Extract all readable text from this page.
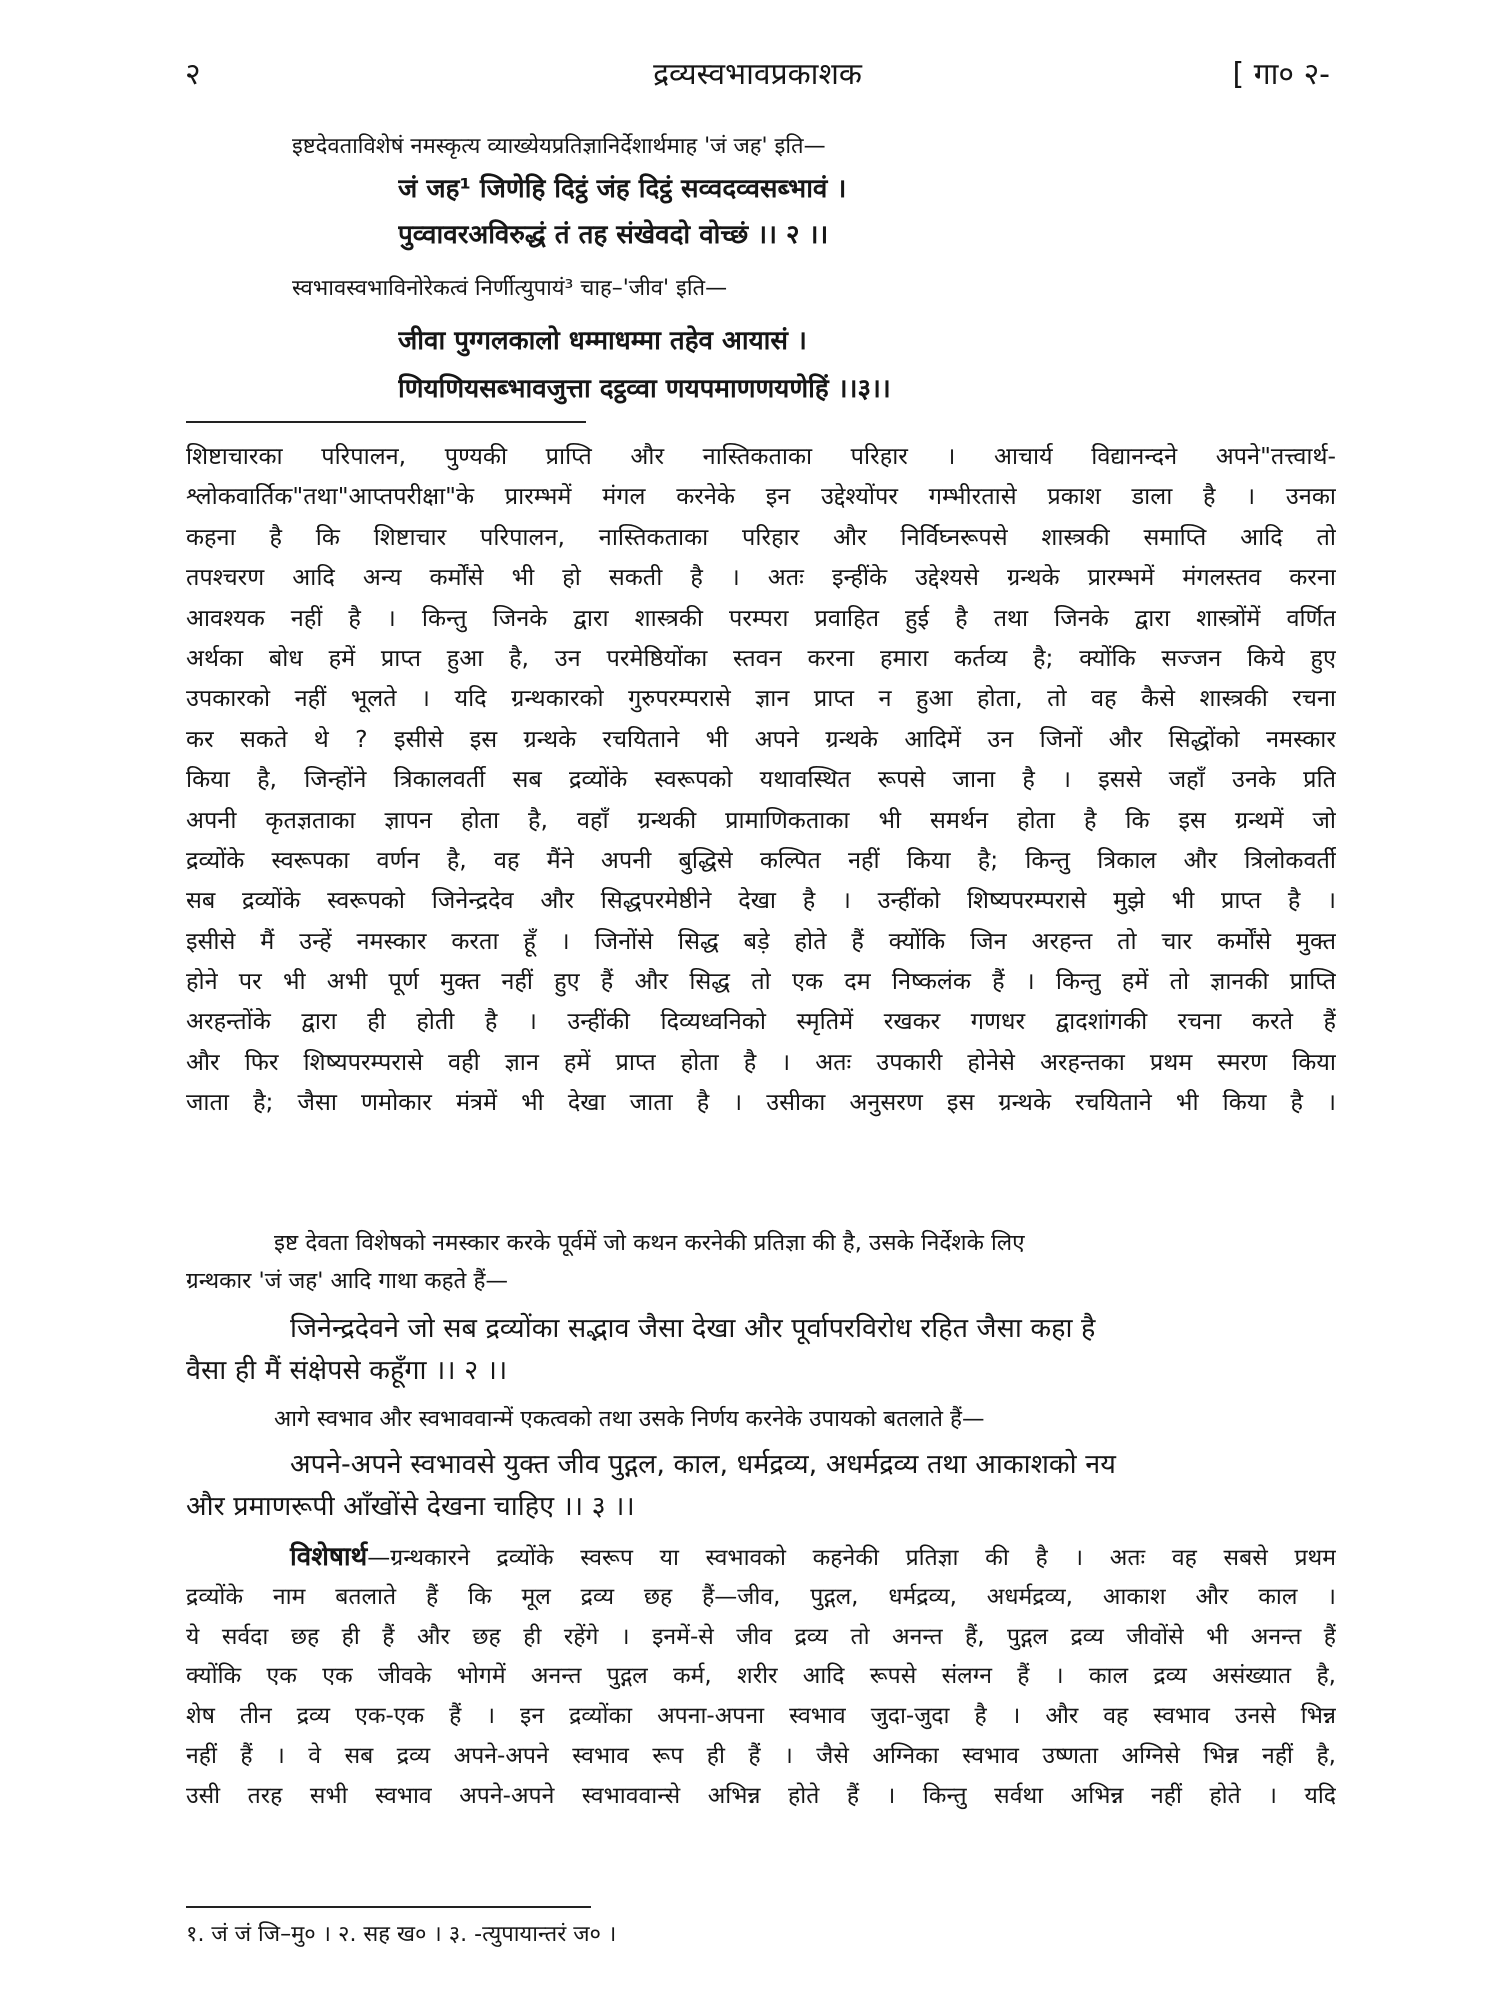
२	द्रव्यस्वभावप्रकाशक	[ गा० २-
इष्टदेवताविशेषं नमस्कृत्य व्याख्येयप्रतिज्ञानिर्देशार्थमाह 'जं जह' इति—
जं जह¹ जिणेहि दिट्ठं जंह दिट्ठं सव्वदव्वसब्भावं ।
पुव्वावरअविरुद्धं तं तह संखेवदो वोच्छं ।। २ ।।
स्वभावस्वभाविनोरेकत्वं निर्णीत्युपायं³ चाह–'जीव' इति—
जीवा पुग्गलकालो धम्माधम्मा तहेव आयासं ।
णियणियसब्भावजुत्ता दट्ठव्वा णयपमाणणयणेहिं ।।३।।
शिष्टाचारका परिपालन, पुण्यकी प्राप्ति और नास्तिकताका परिहार । आचार्य विद्यानन्दने अपने"तत्त्वार्थ-
श्लोकवार्तिक"तथा"आप्तपरीक्षा"के प्रारम्भमें मंगल करनेके इन उद्देश्योंपर गम्भीरतासे प्रकाश डाला है । उनका
कहना है कि शिष्टाचार परिपालन, नास्तिकताका परिहार और निर्विघ्नरूपसे शास्त्रकी समाप्ति आदि तो
तपश्चरण आदि अन्य कर्मोंसे भी हो सकती है । अतः इन्हींके उद्देश्यसे ग्रन्थके प्रारम्भमें मंगलस्तव करना
आवश्यक नहीं है । किन्तु जिनके द्वारा शास्त्रकी परम्परा प्रवाहित हुई है तथा जिनके द्वारा शास्त्रोंमें वर्णित
अर्थका बोध हमें प्राप्त हुआ है, उन परमेष्ठियोंका स्तवन करना हमारा कर्तव्य है; क्योंकि सज्जन किये हुए
उपकारको नहीं भूलते । यदि ग्रन्थकारको गुरुपरम्परासे ज्ञान प्राप्त न हुआ होता, तो वह कैसे शास्त्रकी रचना
कर सकते थे ? इसीसे इस ग्रन्थके रचयिताने भी अपने ग्रन्थके आदिमें उन जिनों और सिद्धोंको नमस्कार
किया है, जिन्होंने त्रिकालवर्ती सब द्रव्योंके स्वरूपको यथावस्थित रूपसे जाना है । इससे जहाँ उनके प्रति
अपनी कृतज्ञताका ज्ञापन होता है, वहाँ ग्रन्थकी प्रामाणिकताका भी समर्थन होता है कि इस ग्रन्थमें जो
द्रव्योंके स्वरूपका वर्णन है, वह मैंने अपनी बुद्धिसे कल्पित नहीं किया है; किन्तु त्रिकाल और त्रिलोकवर्ती
सब द्रव्योंके स्वरूपको जिनेन्द्रदेव और सिद्धपरमेष्ठीने देखा है । उन्हींको शिष्यपरम्परासे मुझे भी प्राप्त है ।
इसीसे मैं उन्हें नमस्कार करता हूँ । जिनोंसे सिद्ध बड़े होते हैं क्योंकि जिन अरहन्त तो चार कर्मोंसे मुक्त
होने पर भी अभी पूर्ण मुक्त नहीं हुए हैं और सिद्ध तो एक दम निष्कलंक हैं । किन्तु हमें तो ज्ञानकी प्राप्ति
अरहन्तोंके द्वारा ही होती है । उन्हींकी दिव्यध्वनिको स्मृतिमें रखकर गणधर द्वादशांगकी रचना करते हैं
और फिर शिष्यपरम्परासे वही ज्ञान हमें प्राप्त होता है । अतः उपकारी होनेसे अरहन्तका प्रथम स्मरण किया
जाता है; जैसा णमोकार मंत्रमें भी देखा जाता है । उसीका अनुसरण इस ग्रन्थके रचयिताने भी किया है ।
इष्ट देवता विशेषको नमस्कार करके पूर्वमें जो कथन करनेकी प्रतिज्ञा की है, उसके निर्देशके लिए
ग्रन्थकार 'जं जह' आदि गाथा कहते हैं—
जिनेन्द्रदेवने जो सब द्रव्योंका सद्भाव जैसा देखा और पूर्वापरविरोध रहित जैसा कहा है
वैसा ही मैं संक्षेपसे कहूँगा ।। २ ।।
आगे स्वभाव और स्वभाववान्में एकत्वको तथा उसके निर्णय करनेके उपायको बतलाते हैं—
अपने-अपने स्वभावसे युक्त जीव पुद्गल, काल, धर्मद्रव्य, अधर्मद्रव्य तथा आकाशको नय
और प्रमाणरूपी आँखोंसे देखना चाहिए ।। ३ ।।
विशेषार्थ—ग्रन्थकारने द्रव्योंके स्वरूप या स्वभावको कहनेकी प्रतिज्ञा की है । अतः वह सबसे प्रथम
द्रव्योंके नाम बतलाते हैं कि मूल द्रव्य छह हैं—जीव, पुद्गल, धर्मद्रव्य, अधर्मद्रव्य, आकाश और काल ।
ये सर्वदा छह ही हैं और छह ही रहेंगे । इनमें-से जीव द्रव्य तो अनन्त हैं, पुद्गल द्रव्य जीवोंसे भी अनन्त हैं
क्योंकि एक एक जीवके भोगमें अनन्त पुद्गल कर्म, शरीर आदि रूपसे संलग्न हैं । काल द्रव्य असंख्यात है,
शेष तीन द्रव्य एक-एक हैं । इन द्रव्योंका अपना-अपना स्वभाव जुदा-जुदा है । और वह स्वभाव उनसे भिन्न
नहीं हैं । वे सब द्रव्य अपने-अपने स्वभाव रूप ही हैं । जैसे अग्निका स्वभाव उष्णता अग्निसे भिन्न नहीं है,
उसी तरह सभी स्वभाव अपने-अपने स्वभाववान्से अभिन्न होते हैं । किन्तु सर्वथा अभिन्न नहीं होते । यदि
१. जं जं जि–मु० । २. सह ख० । ३. -त्युपायान्तरं ज० ।
